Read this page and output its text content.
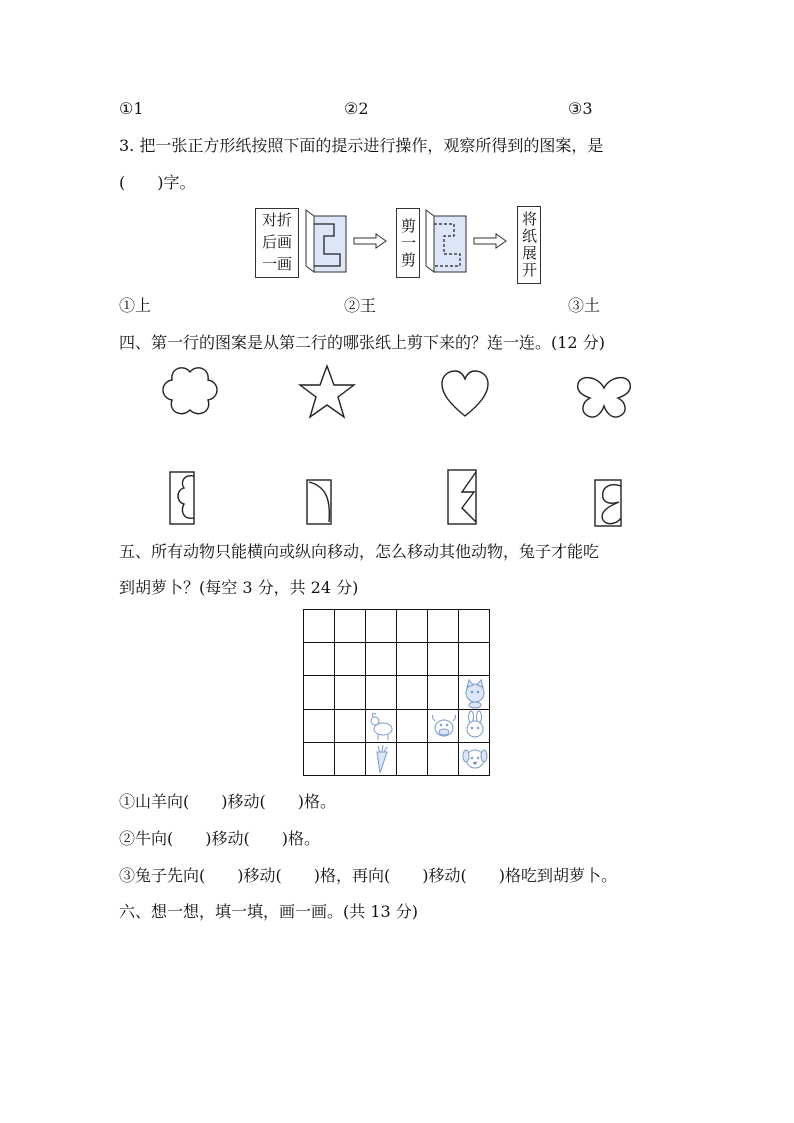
①1	②2	③3
3. 把一张正方形纸按照下面的提示进行操作，观察所得到的图案，是
(　　)字。
对折
后画
一画	剪一剪	将纸展开
①上	②王	③土
四、第一行的图案是从第二行的哪张纸上剪下来的？连一连。(12 分)
五、所有动物只能横向或纵向移动，怎么移动其他动物，兔子才能吃
到胡萝卜？(每空 3 分，共 24 分)
①山羊向(　　)移动(　　)格。
②牛向(　　)移动(　　)格。
③兔子先向(　　)移动(　　)格，再向(　　)移动(　　)格吃到胡萝卜。
六、想一想，填一填，画一画。(共 13 分)
